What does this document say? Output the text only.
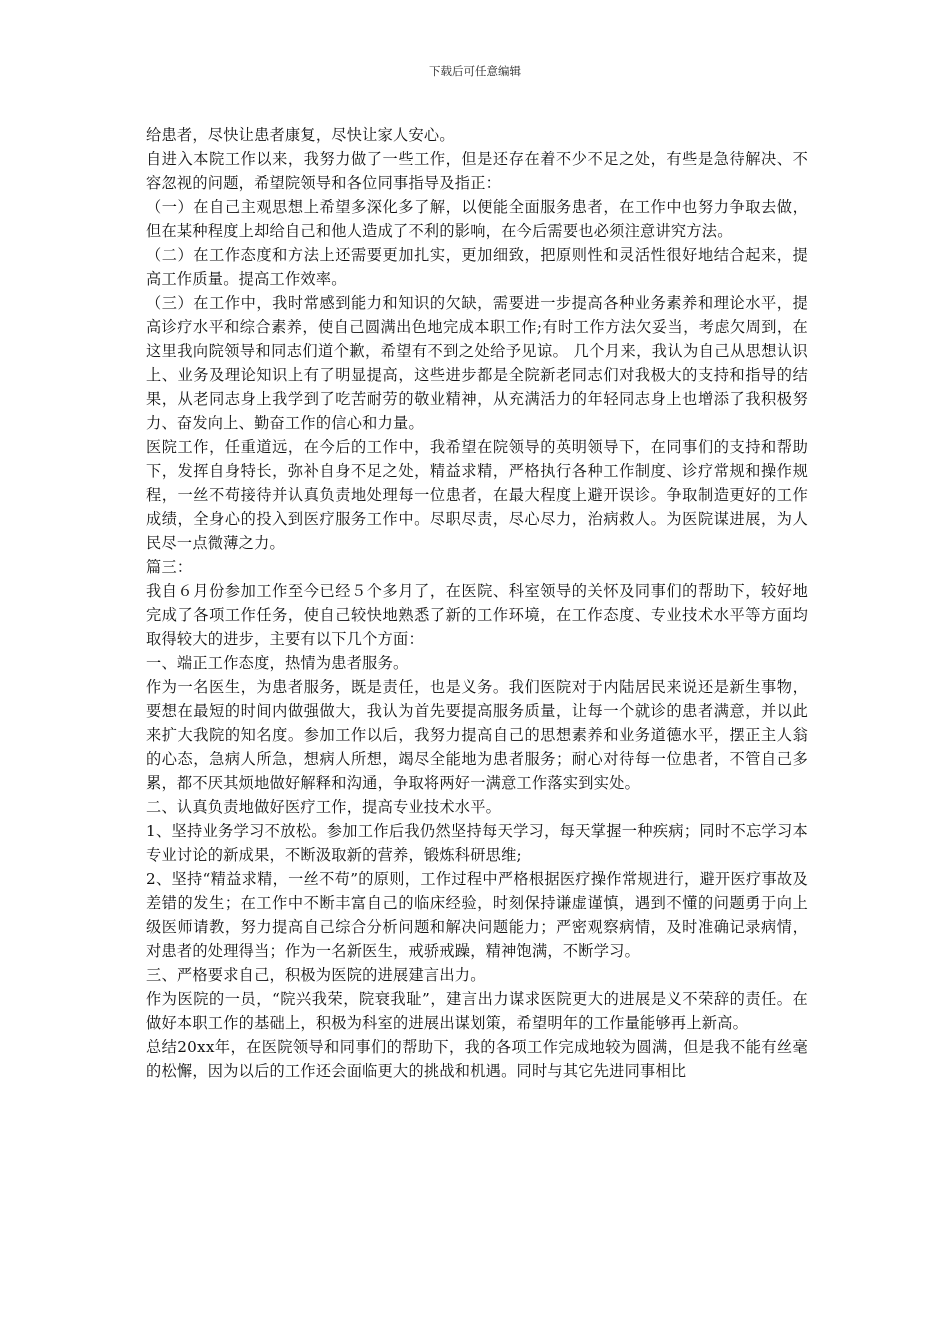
下载后可任意编辑

给患者，尽快让患者康复，尽快让家人安心。

自进入本院工作以来，我努力做了一些工作，但是还存在着不少不足之处，有些是急待解决、不容忽视的问题，希望院领导和各位同事指导及指正：

（一）在自己主观思想上希望多深化多了解，以便能全面服务患者，在工作中也努力争取去做，但在某种程度上却给自己和他人造成了不利的影响，在今后需要也必须注意讲究方法。

（二）在工作态度和方法上还需要更加扎实，更加细致，把原则性和灵活性很好地结合起来，提高工作质量。提高工作效率。

（三）在工作中，我时常感到能力和知识的欠缺，需要进一步提高各种业务素养和理论水平，提高诊疗水平和综合素养，使自己圆满出色地完成本职工作;有时工作方法欠妥当，考虑欠周到，在这里我向院领导和同志们道个歉，希望有不到之处给予见谅。 几个月来，我认为自己从思想认识上、业务及理论知识上有了明显提高，这些进步都是全院新老同志们对我极大的支持和指导的结果，从老同志身上我学到了吃苦耐劳的敬业精神，从充满活力的年轻同志身上也增添了我积极努力、奋发向上、勤奋工作的信心和力量。

医院工作，任重道远，在今后的工作中，我希望在院领导的英明领导下，在同事们的支持和帮助下，发挥自身特长，弥补自身不足之处，精益求精，严格执行各种工作制度、诊疗常规和操作规程，一丝不苟接待并认真负责地处理每一位患者，在最大程度上避开误诊。争取制造更好的工作成绩，全身心的投入到医疗服务工作中。尽职尽责，尽心尽力，治病救人。为医院谋进展，为人民尽一点微薄之力。

篇三：

我自６月份参加工作至今已经５个多月了，在医院、科室领导的关怀及同事们的帮助下，较好地完成了各项工作任务，使自己较快地熟悉了新的工作环境，在工作态度、专业技术水平等方面均取得较大的进步，主要有以下几个方面：

一、端正工作态度，热情为患者服务。

作为一名医生，为患者服务，既是责任，也是义务。我们医院对于内陆居民来说还是新生事物，要想在最短的时间内做强做大，我认为首先要提高服务质量，让每一个就诊的患者满意，并以此来扩大我院的知名度。参加工作以后，我努力提高自己的思想素养和业务道德水平，摆正主人翁的心态，急病人所急，想病人所想，竭尽全能地为患者服务；耐心对待每一位患者，不管自己多累，都不厌其烦地做好解释和沟通，争取将两好一满意工作落实到实处。

二、认真负责地做好医疗工作，提高专业技术水平。

1、坚持业务学习不放松。参加工作后我仍然坚持每天学习，每天掌握一种疾病；同时不忘学习本专业讨论的新成果，不断汲取新的营养，锻炼科研思维;

2、坚持“精益求精，一丝不苟”的原则，工作过程中严格根据医疗操作常规进行，避开医疗事故及差错的发生；在工作中不断丰富自己的临床经验，时刻保持谦虚谨慎，遇到不懂的问题勇于向上级医师请教，努力提高自己综合分析问题和解决问题能力；严密观察病情，及时准确记录病情，对患者的处理得当；作为一名新医生，戒骄戒躁，精神饱满，不断学习。

三、严格要求自己，积极为医院的进展建言出力。

作为医院的一员，“院兴我荣，院衰我耻”，建言出力谋求医院更大的进展是义不荣辞的责任。在做好本职工作的基础上，积极为科室的进展出谋划策，希望明年的工作量能够再上新高。

总结20xx年，在医院领导和同事们的帮助下，我的各项工作完成地较为圆满，但是我不能有丝毫的松懈，因为以后的工作还会面临更大的挑战和机遇。同时与其它先进同事相比
